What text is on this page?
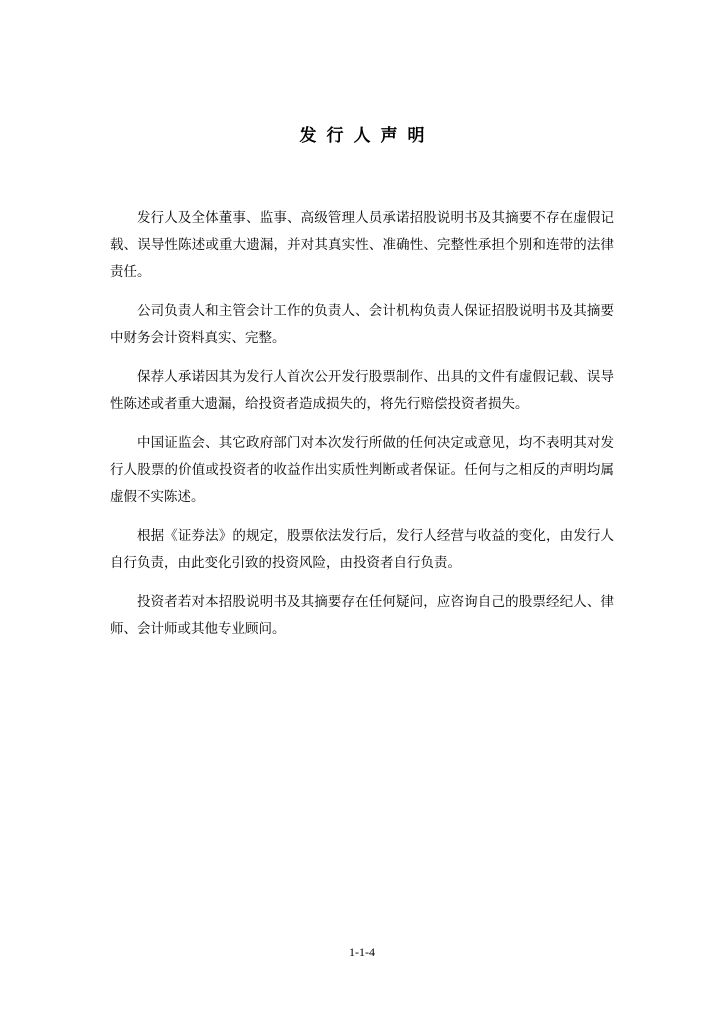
发行人声明

发行人及全体董事、监事、高级管理人员承诺招股说明书及其摘要不存在虚假记载、误导性陈述或重大遗漏，并对其真实性、准确性、完整性承担个别和连带的法律责任。

公司负责人和主管会计工作的负责人、会计机构负责人保证招股说明书及其摘要中财务会计资料真实、完整。

保荐人承诺因其为发行人首次公开发行股票制作、出具的文件有虚假记载、误导性陈述或者重大遗漏，给投资者造成损失的，将先行赔偿投资者损失。

中国证监会、其它政府部门对本次发行所做的任何决定或意见，均不表明其对发行人股票的价值或投资者的收益作出实质性判断或者保证。任何与之相反的声明均属虚假不实陈述。

根据《证券法》的规定，股票依法发行后，发行人经营与收益的变化，由发行人自行负责，由此变化引致的投资风险，由投资者自行负责。

投资者若对本招股说明书及其摘要存在任何疑问，应咨询自己的股票经纪人、律师、会计师或其他专业顾问。

1-1-4
